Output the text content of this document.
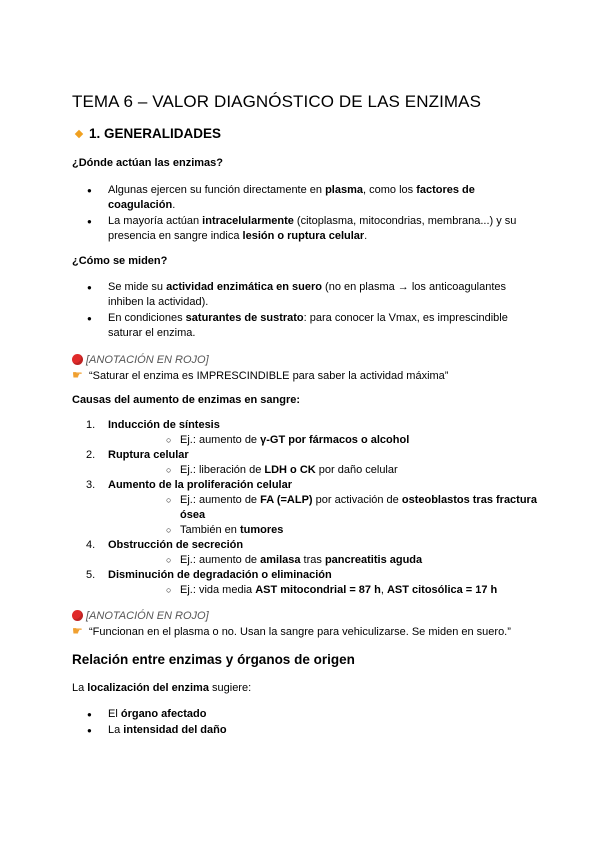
TEMA 6 – VALOR DIAGNÓSTICO DE LAS ENZIMAS
1. GENERALIDADES
¿Dónde actúan las enzimas?
● Algunas ejercen su función directamente en plasma, como los factores de coagulación.
● La mayoría actúan intracelularmente (citoplasma, mitocondrias, membrana...) y su presencia en sangre indica lesión o ruptura celular.
¿Cómo se miden?
● Se mide su actividad enzimática en suero (no en plasma → los anticoagulantes inhiben la actividad).
● En condiciones saturantes de sustrato: para conocer la Vmax, es imprescindible saturar el enzima.
[ANOTACIÓN EN ROJO]
☛ “Saturar el enzima es IMPRESCINDIBLE para saber la actividad máxima”
Causas del aumento de enzimas en sangre:
1. Inducción de síntesis
○ Ej.: aumento de γ-GT por fármacos o alcohol
2. Ruptura celular
○ Ej.: liberación de LDH o CK por daño celular
3. Aumento de la proliferación celular
○ Ej.: aumento de FA (=ALP) por activación de osteoblastos tras fractura ósea
○ También en tumores
4. Obstrucción de secreción
○ Ej.: aumento de amilasa tras pancreatitis aguda
5. Disminución de degradación o eliminación
○ Ej.: vida media AST mitocondrial = 87 h, AST citosólica = 17 h
[ANOTACIÓN EN ROJO]
☛ “Funcionan en el plasma o no. Usan la sangre para vehiculizarse. Se miden en suero.”
Relación entre enzimas y órganos de origen
La localización del enzima sugiere:
● El órgano afectado
● La intensidad del daño
